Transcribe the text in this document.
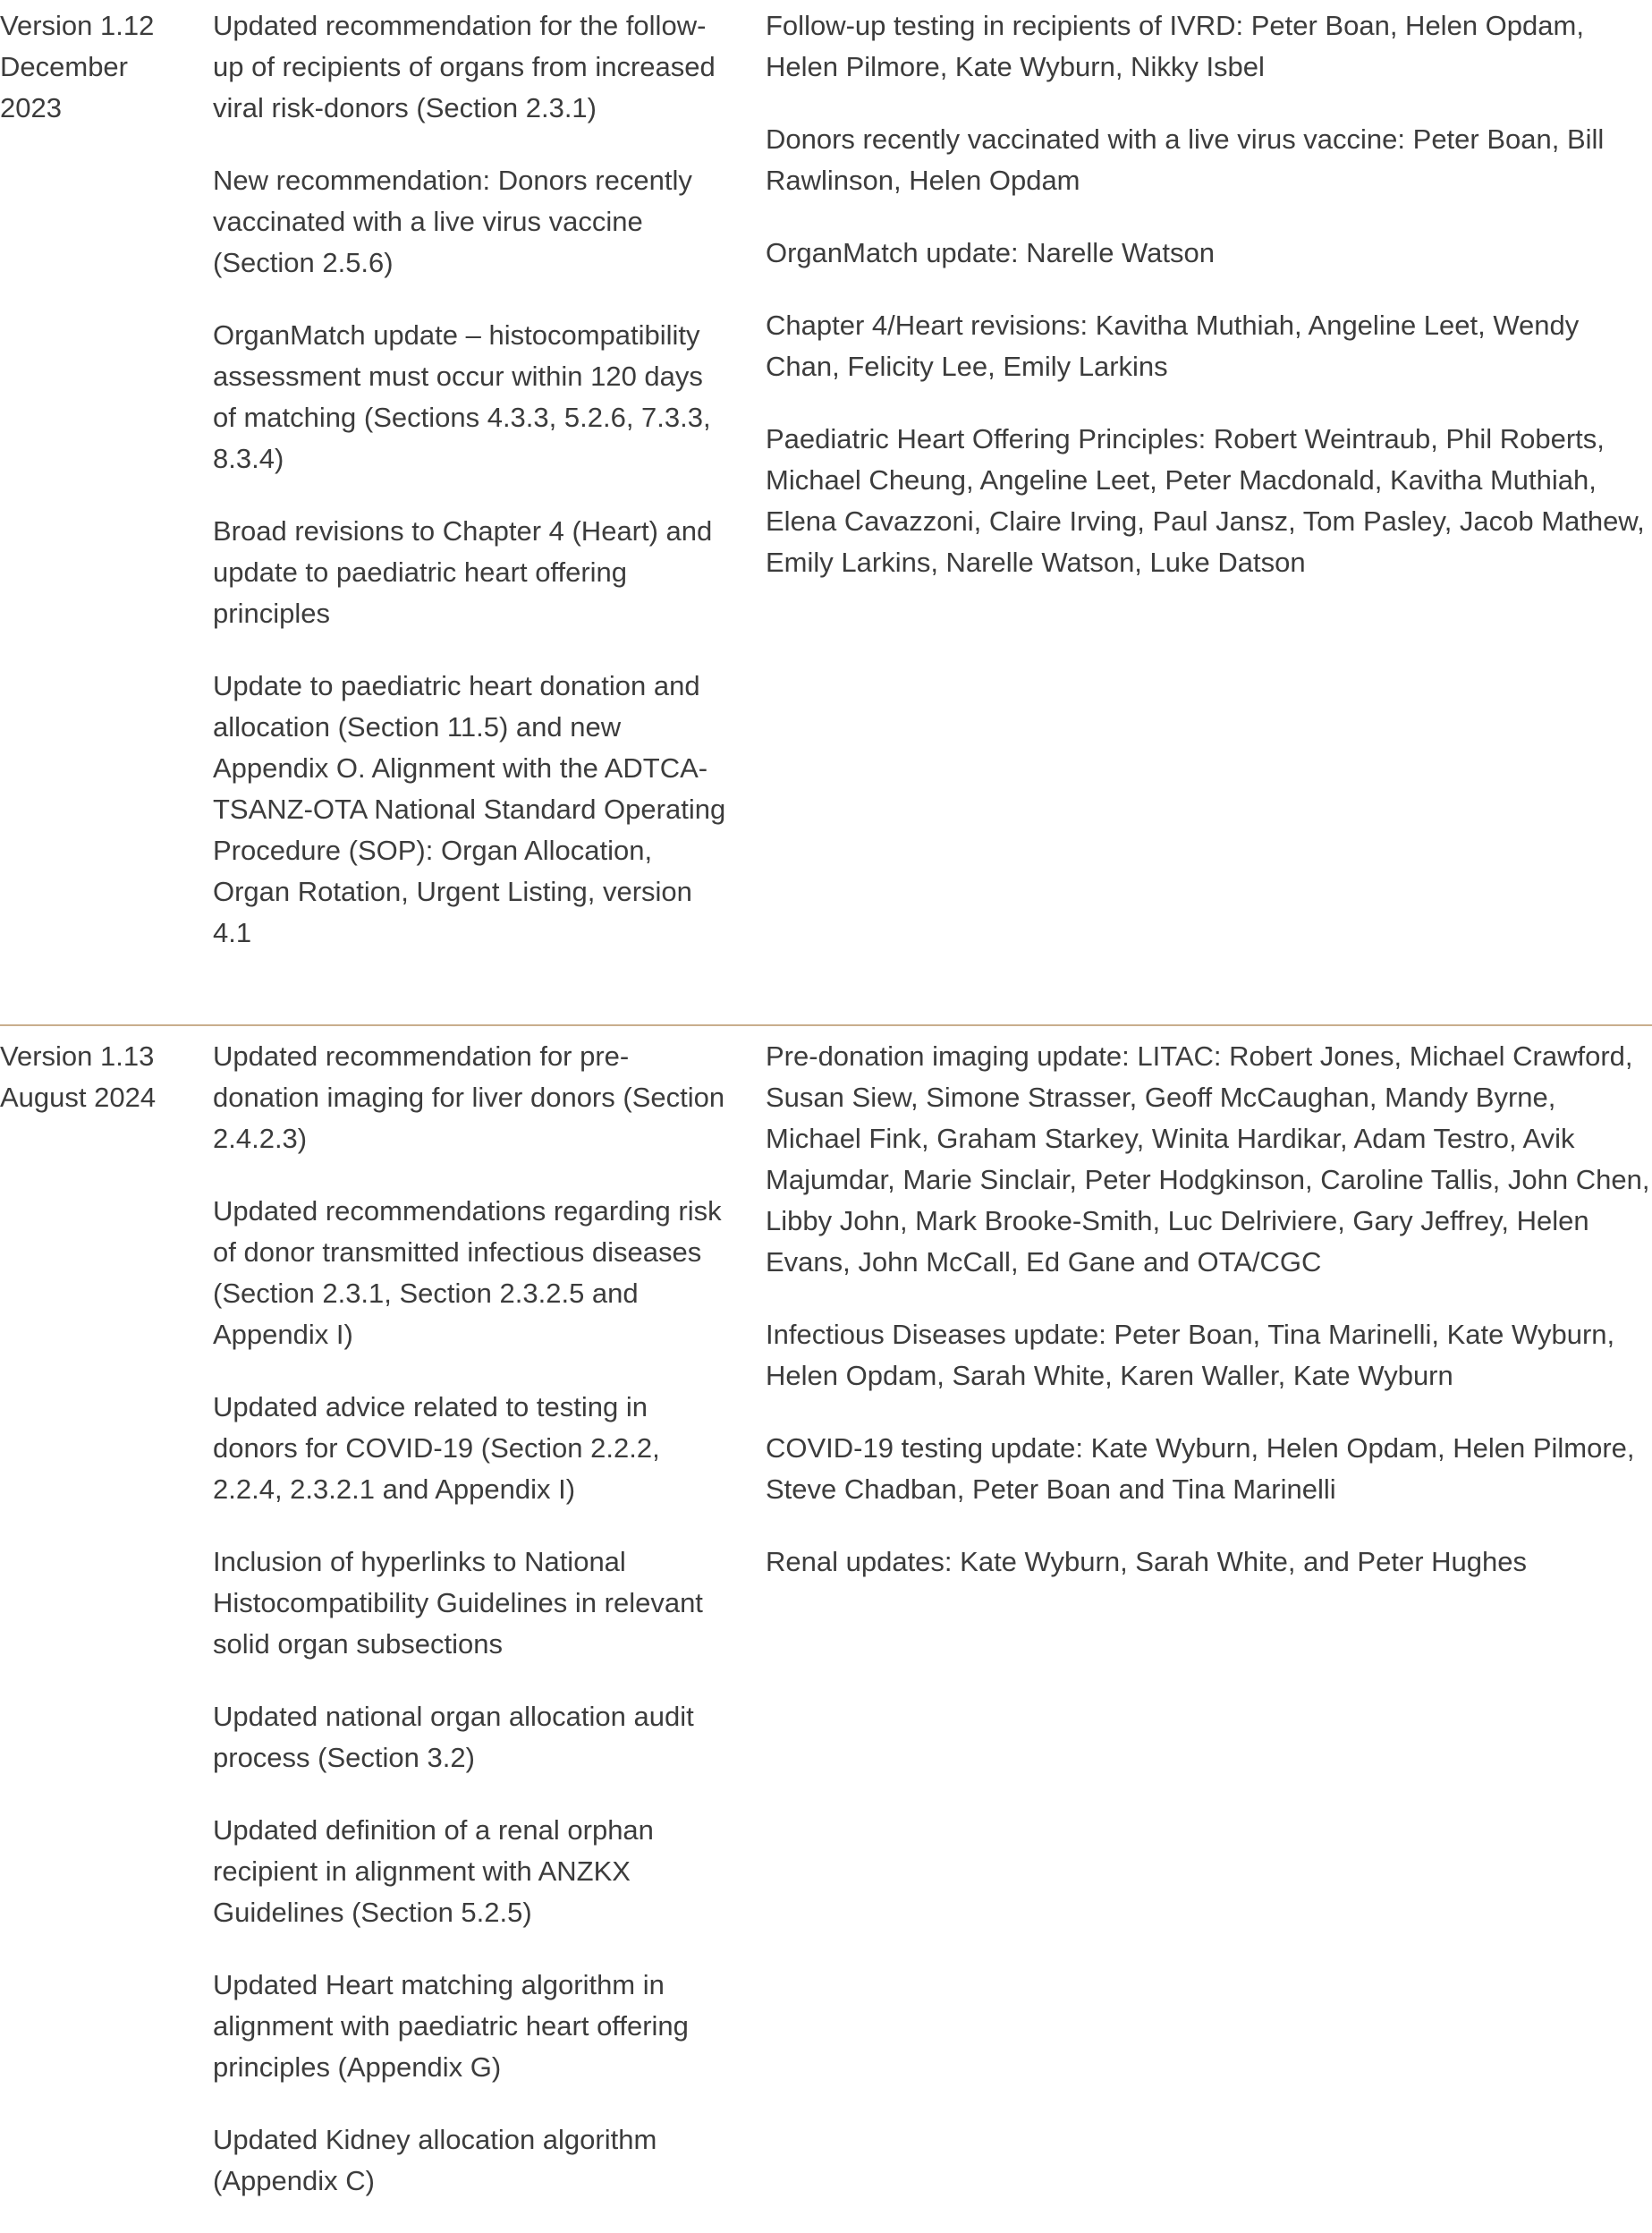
Version 1.12
December
2023

Updated recommendation for the follow-up of recipients of organs from increased viral risk-donors (Section 2.3.1)

New recommendation: Donors recently vaccinated with a live virus vaccine (Section 2.5.6)

OrganMatch update – histocompatibility assessment must occur within 120 days of matching (Sections 4.3.3, 5.2.6, 7.3.3, 8.3.4)

Broad revisions to Chapter 4 (Heart) and update to paediatric heart offering principles

Update to paediatric heart donation and allocation (Section 11.5) and new Appendix O. Alignment with the ADTCA- TSANZ-OTA National Standard Operating Procedure (SOP): Organ Allocation, Organ Rotation, Urgent Listing, version 4.1

Follow-up testing in recipients of IVRD: Peter Boan, Helen Opdam, Helen Pilmore, Kate Wyburn, Nikky Isbel

Donors recently vaccinated with a live virus vaccine: Peter Boan, Bill Rawlinson, Helen Opdam

OrganMatch update: Narelle Watson

Chapter 4/Heart revisions: Kavitha Muthiah, Angeline Leet, Wendy Chan, Felicity Lee, Emily Larkins

Paediatric Heart Offering Principles: Robert Weintraub, Phil Roberts, Michael Cheung, Angeline Leet, Peter Macdonald, Kavitha Muthiah, Elena Cavazzoni, Claire Irving, Paul Jansz, Tom Pasley, Jacob Mathew, Emily Larkins, Narelle Watson, Luke Datson

Version 1.13
August 2024

Updated recommendation for pre-donation imaging for liver donors (Section 2.4.2.3)

Updated recommendations regarding risk of donor transmitted infectious diseases (Section 2.3.1, Section 2.3.2.5 and Appendix I)

Updated advice related to testing in donors for COVID-19 (Section 2.2.2, 2.2.4, 2.3.2.1 and Appendix I)

Inclusion of hyperlinks to National Histocompatibility Guidelines in relevant solid organ subsections

Updated national organ allocation audit process (Section 3.2)

Updated definition of a renal orphan recipient in alignment with ANZKX Guidelines (Section 5.2.5)

Updated Heart matching algorithm in alignment with paediatric heart offering principles (Appendix G)

Updated Kidney allocation algorithm (Appendix C)

Pre-donation imaging update: LITAC: Robert Jones, Michael Crawford, Susan Siew, Simone Strasser, Geoff McCaughan, Mandy Byrne, Michael Fink, Graham Starkey, Winita Hardikar, Adam Testro, Avik Majumdar, Marie Sinclair, Peter Hodgkinson, Caroline Tallis, John Chen, Libby John, Mark Brooke-Smith, Luc Delriviere, Gary Jeffrey, Helen Evans, John McCall, Ed Gane and OTA/CGC

Infectious Diseases update: Peter Boan, Tina Marinelli, Kate Wyburn, Helen Opdam, Sarah White, Karen Waller, Kate Wyburn

COVID-19 testing update: Kate Wyburn, Helen Opdam, Helen Pilmore, Steve Chadban, Peter Boan and Tina Marinelli

Renal updates: Kate Wyburn, Sarah White, and Peter Hughes
